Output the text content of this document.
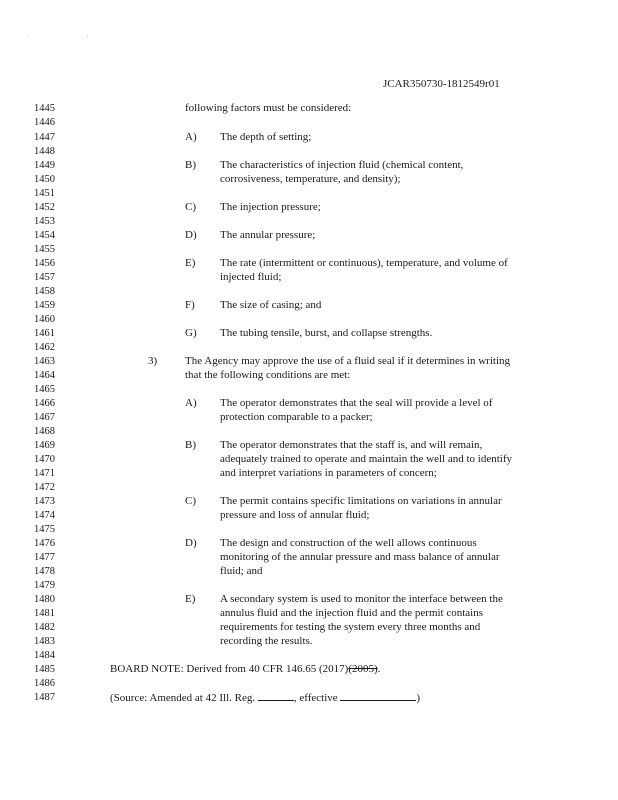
· ·
JCAR350730-1812549r01
1445
1446
1447
1448
1449
1450
1451
1452
1453
1454
1455
1456
1457
1458
1459
1460
1461
1462
1463
1464
1465
1466
1467
1468
1469
1470
1471
1472
1473
1474
1475
1476
1477
1478
1479
1480
1481
1482
1483
1484
1485
1486
1487
following factors must be considered:
A) The depth of setting;
B) The characteristics of injection fluid (chemical content,
corrosiveness, temperature, and density);
C) The injection pressure;
D) The annular pressure;
E) The rate (intermittent or continuous), temperature, and volume of
injected fluid;
F) The size of casing; and
G) The tubing tensile, burst, and collapse strengths.
3)	The Agency may approve the use of a fluid seal if it determines in writing
that the following conditions are met:
A) The operator demonstrates that the seal will provide a level of
protection comparable to a packer;
B) The operator demonstrates that the staff is, and will remain,
adequately trained to operate and maintain the well and to identify
and interpret variations in parameters of concern;
C) The permit contains specific limitations on variations in annular
pressure and loss of annular fluid;
D) The design and construction of the well allows continuous
monitoring of the annular pressure and mass balance of annular
fluid; and
E) A secondary system is used to monitor the interface between the
annulus fluid and the injection fluid and the permit contains
requirements for testing the system every three months and
recording the results.
BOARD NOTE: Derived from 40 CFR 146.65 (2017)(2005).
(Source: Amended at 42 Ill. Reg.	, effective	)
